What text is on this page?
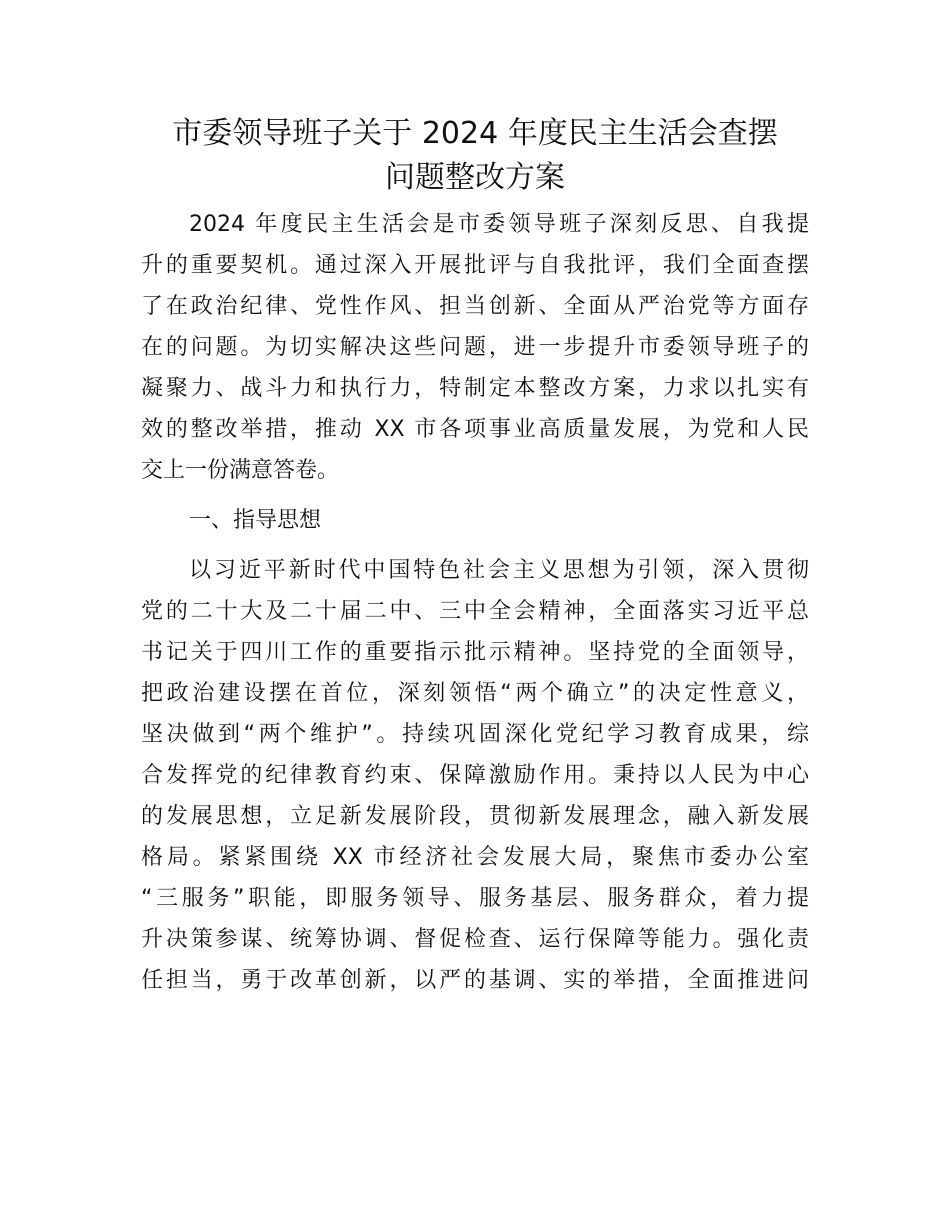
市委领导班子关于 2024 年度民主生活会查摆
问题整改方案

2024 年度民主生活会是市委领导班子深刻反思、自我提
升的重要契机。通过深入开展批评与自我批评，我们全面查摆
了在政治纪律、党性作风、担当创新、全面从严治党等方面存
在的问题。为切实解决这些问题，进一步提升市委领导班子的
凝聚力、战斗力和执行力，特制定本整改方案，力求以扎实有
效的整改举措，推动 XX 市各项事业高质量发展，为党和人民
交上一份满意答卷。

一、指导思想

以习近平新时代中国特色社会主义思想为引领，深入贯彻
党的二十大及二十届二中、三中全会精神，全面落实习近平总
书记关于四川工作的重要指示批示精神。坚持党的全面领导，
把政治建设摆在首位，深刻领悟“两个确立”的决定性意义，
坚决做到“两个维护”。持续巩固深化党纪学习教育成果，综
合发挥党的纪律教育约束、保障激励作用。秉持以人民为中心
的发展思想，立足新发展阶段，贯彻新发展理念，融入新发展
格局。紧紧围绕 XX 市经济社会发展大局，聚焦市委办公室
“三服务”职能，即服务领导、服务基层、服务群众，着力提
升决策参谋、统筹协调、督促检查、运行保障等能力。强化责
任担当，勇于改革创新，以严的基调、实的举措，全面推进问
